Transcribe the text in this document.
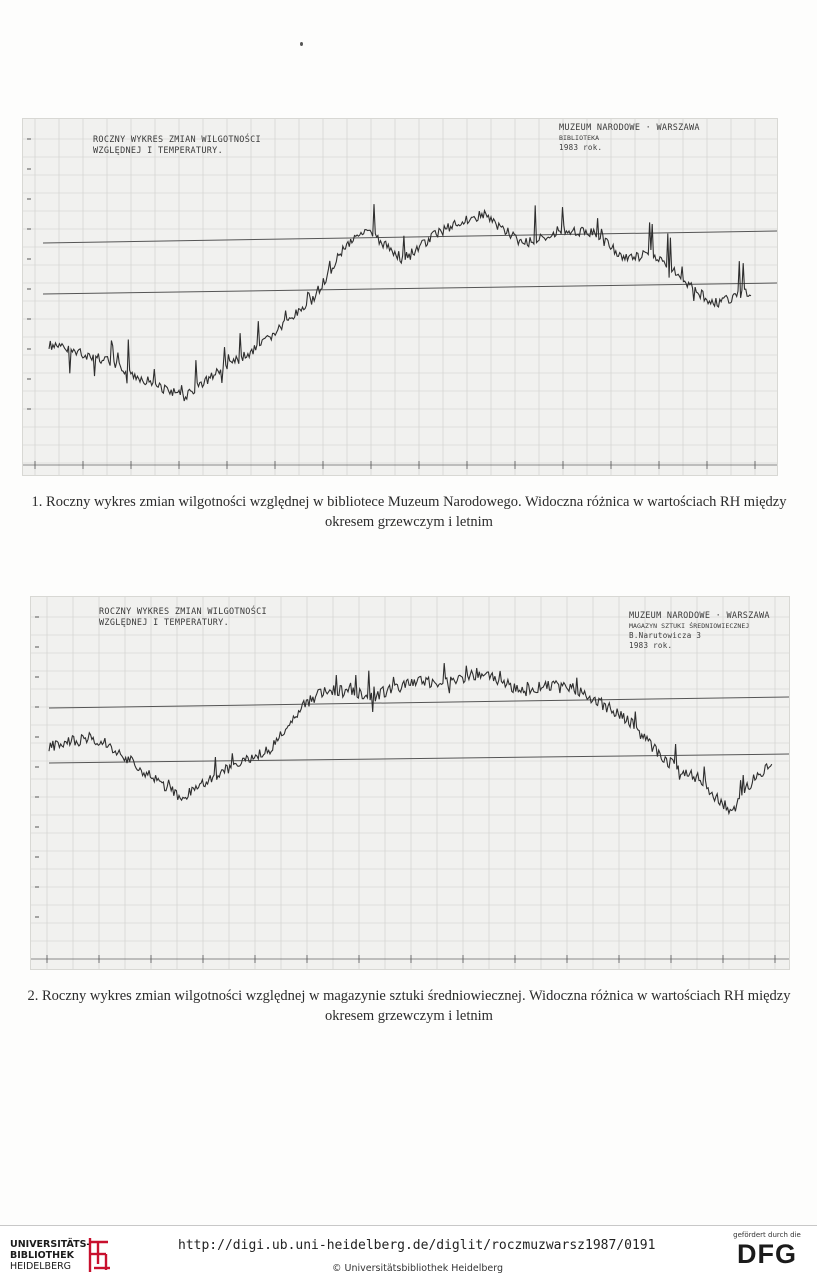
ROCZNY WYKRES ZMIAN WILGOTNOŚCI
WZGLĘDNEJ I TEMPERATURY.
MUZEUM NARODOWE · WARSZAWA
BIBLIOTEKA
1983 rok.
1. Roczny wykres zmian wilgotności względnej w bibliotece Muzeum Narodowego. Widoczna różnica w wartościach RH między okresem grzewczym i letnim
ROCZNY WYKRES ZMIAN WILGOTNOŚCI
WZGLĘDNEJ I TEMPERATURY.
MUZEUM NARODOWE · WARSZAWA
MAGAZYN SZTUKI ŚREDNIOWIECZNEJ
B.Narutowicza 3
1983 rok.
2. Roczny wykres zmian wilgotności względnej w magazynie sztuki średniowiecznej. Widoczna różnica w wartościach RH między okresem grzewczym i letnim
UNIVERSITÄTS-
BIBLIOTHEK
HEIDELBERG
http://digi.ub.uni-heidelberg.de/diglit/roczmuzwarsz1987/0191
© Universitätsbibliothek Heidelberg
gefördert durch die
DFG
